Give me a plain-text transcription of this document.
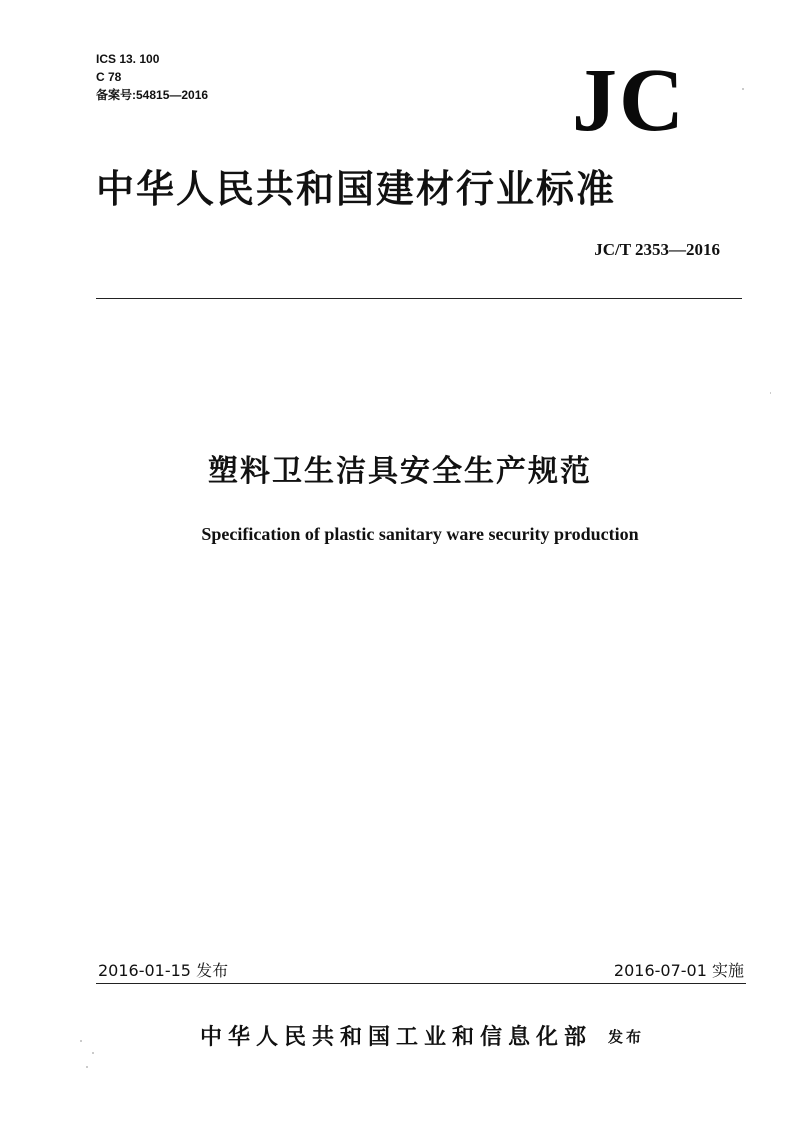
ICS 13. 100
C 78
备案号:54815—2016	JC
中华人民共和国建材行业标准
JC/T 2353—2016
塑料卫生洁具安全生产规范
Specification of plastic sanitary ware security production
2016-01-15 发布	2016-07-01 实施
中华人民共和国工业和信息化部 发布
